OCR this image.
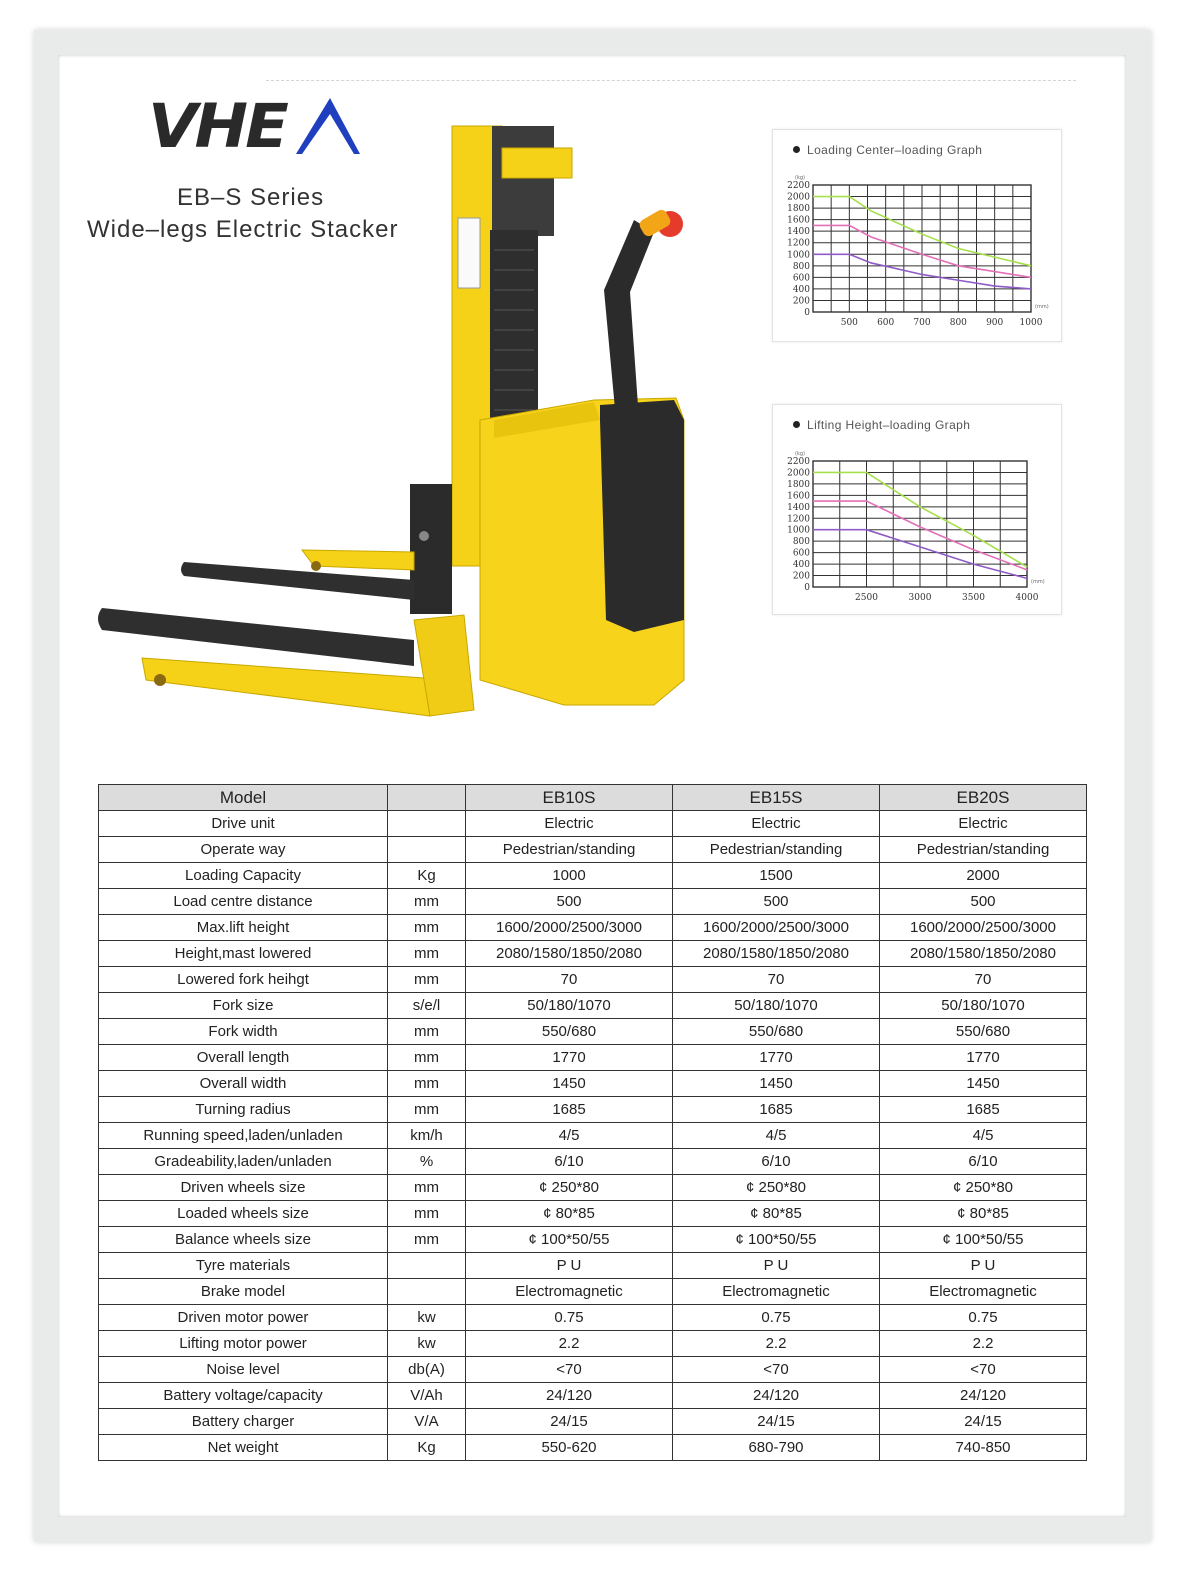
VHE
EB–S Series
Wide–legs Electric Stacker
Loading Center–loading Graph
2200
2000
1800
1600
1400
1200
1000
800
600
400
200
0
500 600 700 800 900 1000
(kg)
(mm)
Lifting Height–loading Graph
2200
2000
1800
1600
1400
1200
1000
800
600
400
200
0
2500	3000	3500	4000
(kg)
(mm)
Model		EB10S	EB15S	EB20S
Drive unit		Electric	Electric	Electric
Operate way		Pedestrian/standing	Pedestrian/standing	Pedestrian/standing
Loading Capacity	Kg	1000	1500	2000
Load centre distance	mm	500	500	500
Max.lift height	mm	1600/2000/2500/3000	1600/2000/2500/3000	1600/2000/2500/3000
Height,mast lowered	mm	2080/1580/1850/2080	2080/1580/1850/2080	2080/1580/1850/2080
Lowered fork heihgt	mm	70	70	70
Fork size	s/e/l	50/180/1070	50/180/1070	50/180/1070
Fork width	mm	550/680	550/680	550/680
Overall length	mm	1770	1770	1770
Overall width	mm	1450	1450	1450
Turning radius	mm	1685	1685	1685
Running speed,laden/unladen	km/h	4/5	4/5	4/5
Gradeability,laden/unladen	%	6/10	6/10	6/10
Driven wheels size	mm	¢ 250*80	¢ 250*80	¢ 250*80
Loaded wheels size	mm	¢ 80*85	¢ 80*85	¢ 80*85
Balance wheels size	mm	¢ 100*50/55	¢ 100*50/55	¢ 100*50/55
Tyre materials		P U	P U	P U
Brake model		Electromagnetic	Electromagnetic	Electromagnetic
Driven motor power	kw	0.75	0.75	0.75
Lifting motor power	kw	2.2	2.2	2.2
Noise level	db(A)	<70	<70	<70
Battery voltage/capacity	V/Ah	24/120	24/120	24/120
Battery charger	V/A	24/15	24/15	24/15
Net weight	Kg	550-620	680-790	740-850
